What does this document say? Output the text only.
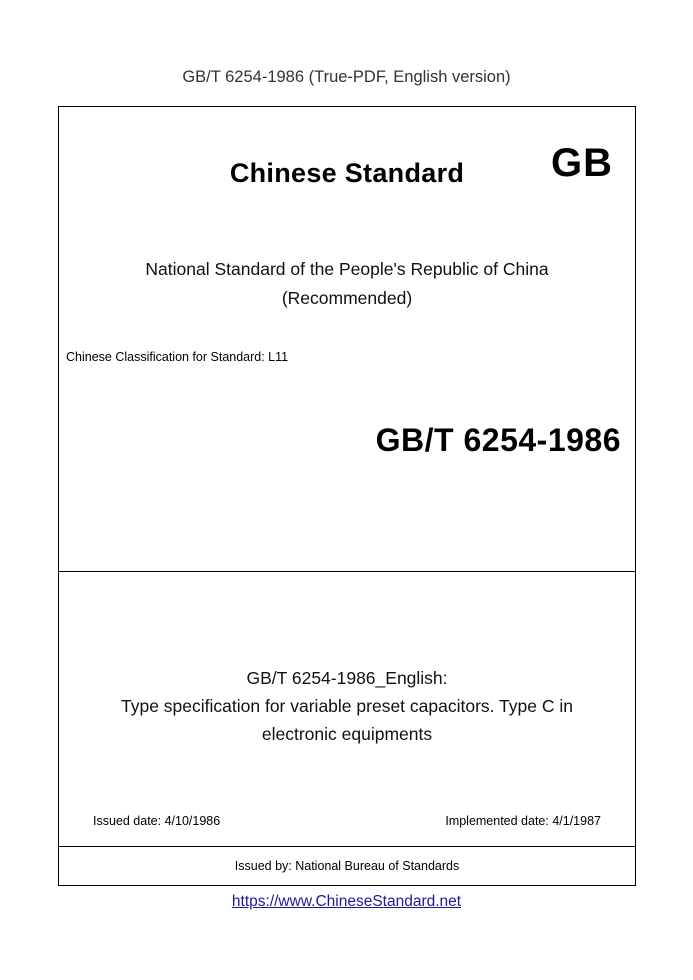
GB/T 6254-1986 (True-PDF, English version)
Chinese Standard	GB
National Standard of the People's Republic of China
(Recommended)
Chinese Classification for Standard: L11
GB/T 6254-1986
GB/T 6254-1986_English:
Type specification for variable preset capacitors. Type C in
electronic equipments
Issued date: 4/10/1986	Implemented date: 4/1/1987
Issued by: National Bureau of Standards
https://www.ChineseStandard.net
